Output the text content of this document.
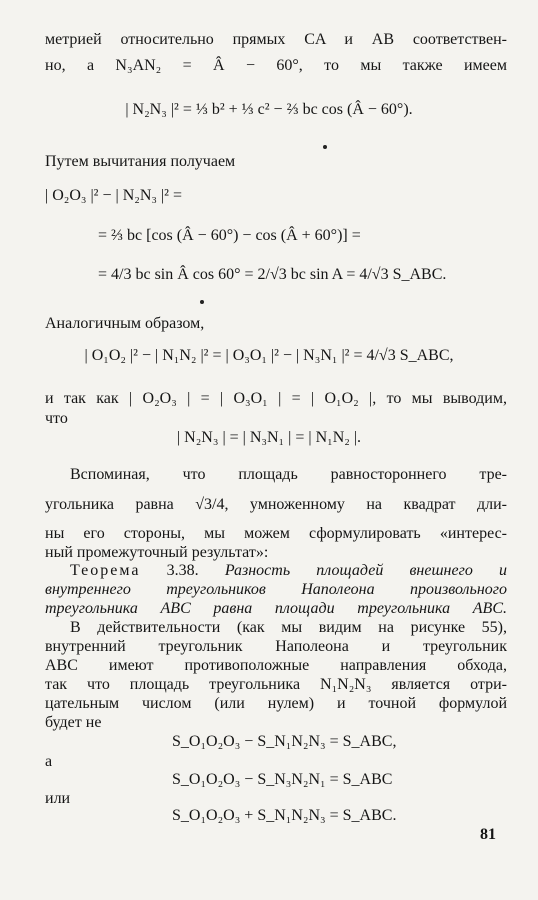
метрией относительно прямых CA и AB соответствен-
но, а N₃AN₂ = Â − 60°, то мы также имеем
| N₂N₃ |² = ⅓ b² + ⅓ c² − ⅔ bc cos (Â − 60°).
Путем вычитания получаем
| O₂O₃ |² − | N₂N₃ |² =
= ⅔ bc [cos (Â − 60°) − cos (Â + 60°)] =
= 4/3 bc sin Â cos 60° = 2/√3 bc sin A = 4/√3 S_ABC.
Аналогичным образом,
| O₁O₂ |² − | N₁N₂ |² = | O₃O₁ |² − | N₃N₁ |² = 4/√3 S_ABC,
и так как | O₂O₃ | = | O₃O₁ | = | O₁O₂ |, то мы выводим,
что
| N₂N₃ | = | N₃N₁ | = | N₁N₂ |.
Вспоминая, что площадь равностороннего тре-
угольника равна √3/4, умноженному на квадрат дли-
ны его стороны, мы можем сформулировать «интерес-
ный промежуточный результат»:
Теорема 3.38. Разность площадей внешнего и
внутреннего треугольников Наполеона произвольного
треугольника ABC равна площади треугольника ABC.
В действительности (как мы видим на рисунке 55),
внутренний треугольник Наполеона и треугольник
ABC имеют противоположные направления обхода,
так что площадь треугольника N₁N₂N₃ является отри-
цательным числом (или нулем) и точной формулой
будет не
S_O₁O₂O₃ − S_N₁N₂N₃ = S_ABC,
а
S_O₁O₂O₃ − S_N₃N₂N₁ = S_ABC
или
S_O₁O₂O₃ + S_N₁N₂N₃ = S_ABC.
81
